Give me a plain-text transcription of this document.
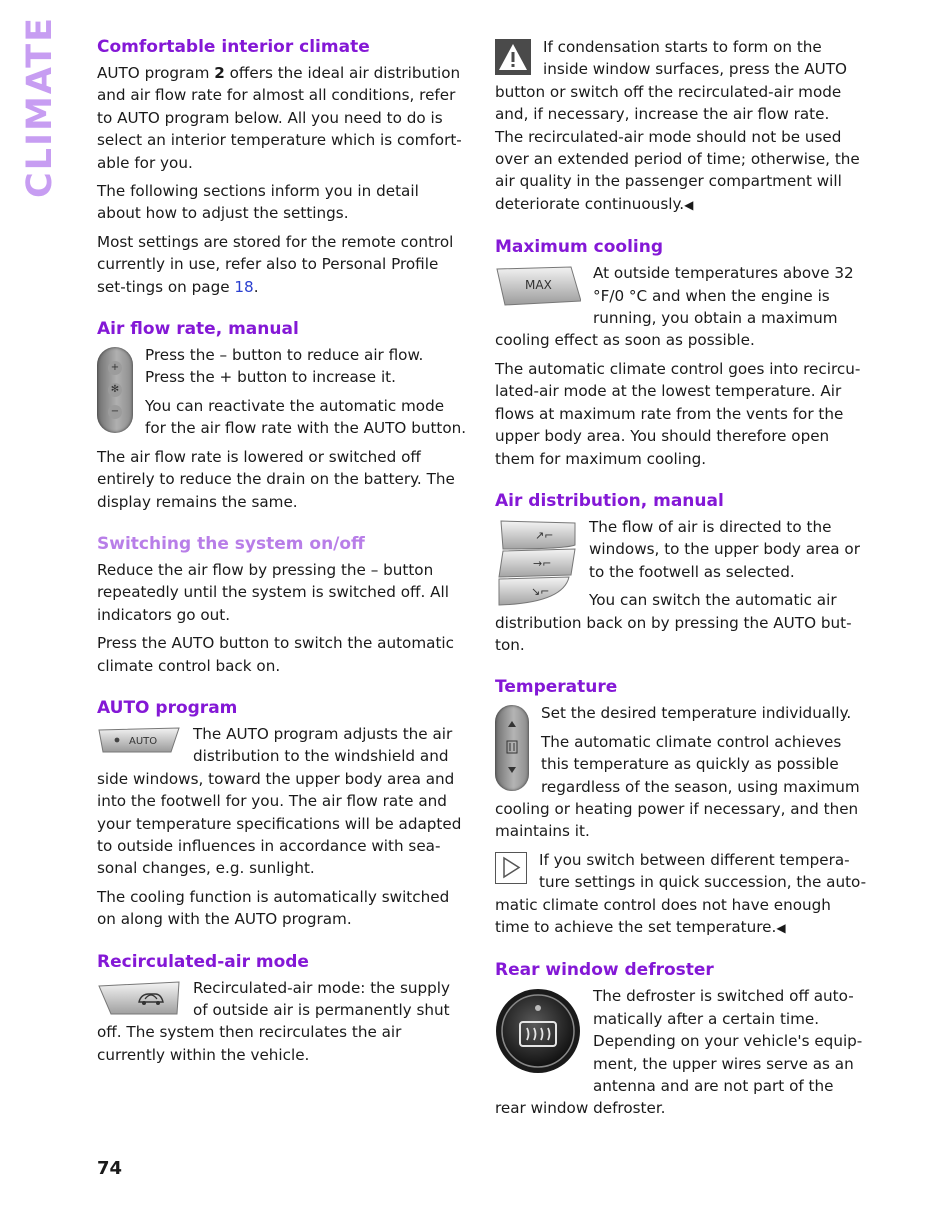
CLIMATE Comfortable interior climate

AUTO program 2 offers the ideal air distribution and air flow rate for almost all conditions, refer to AUTO program below. All you need to do is select an interior temperature which is comfort-able for you.

The following sections inform you in detail about how to adjust the settings.

Most settings are stored for the remote control currently in use, refer also to Personal Profile set-tings on page 18.

Air flow rate, manual
+
✻
−

Press the – button to reduce air flow. Press the + button to increase it.

You can reactivate the automatic mode for the air flow rate with the AUTO button.

The air flow rate is lowered or switched off entirely to reduce the drain on the battery. The display remains the same.

Switching the system on/off

Reduce the air flow by pressing the – button repeatedly until the system is switched off. All indicators go out.

Press the AUTO button to switch the automatic climate control back on.

AUTO program
AUTO	The AUTO program adjusts the air distribution to the windshield and side windows, toward the upper body area and into the footwell for you. The air flow rate and your temperature specifications will be adapted to outside influences in accordance with sea-sonal changes, e.g. sunlight.

The cooling function is automatically switched on along with the AUTO program.

Recirculated-air mode

Recirculated-air mode: the supply of outside air is permanently shut off. The system then recirculates the air currently within the vehicle.

If condensation starts to form on the inside window surfaces, press the AUTO button or switch off the recirculated-air mode and, if necessary, increase the air flow rate.

The recirculated-air mode should not be used over an extended period of time; otherwise, the air quality in the passenger compartment will deteriorate continuously.◀

Maximum cooling
MAX

At outside temperatures above 32 °F/0 °C and when the engine is running, you obtain a maximum cooling effect as soon as possible.

The automatic climate control goes into recircu-lated-air mode at the lowest temperature. Air flows at maximum rate from the vents for the upper body area. You should therefore open them for maximum cooling.

Air distribution, manual
↗⌐
→⌐
↘⌐

The flow of air is directed to the windows, to the upper body area or to the footwell as selected.

You can switch the automatic air distribution back on by pressing the AUTO but-ton.

Temperature

Set the desired temperature individually.

The automatic climate control achieves this temperature as quickly as possible regardless of the season, using maximum cooling or heating power if necessary, and then maintains it.

If you switch between different tempera-ture settings in quick succession, the auto-matic climate control does not have enough time to achieve the set temperature.◀

Rear window defroster

The defroster is switched off auto-matically after a certain time. Depending on your vehicle's equip-ment, the upper wires serve as an antenna and are not part of the rear window defroster.

74
